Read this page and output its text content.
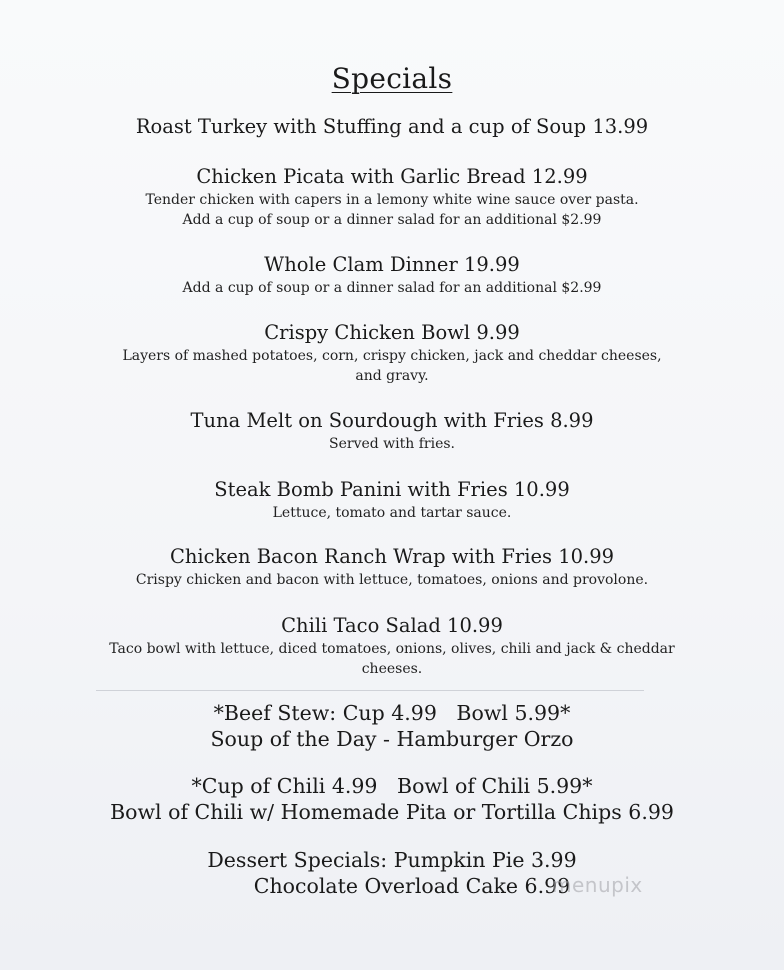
Specials
Roast Turkey with Stuffing and a cup of Soup 13.99
Chicken Picata with Garlic Bread 12.99
Tender chicken with capers in a lemony white wine sauce over pasta.
Add a cup of soup or a dinner salad for an additional $2.99
Whole Clam Dinner 19.99
Add a cup of soup or a dinner salad for an additional $2.99
Crispy Chicken Bowl 9.99
Layers of mashed potatoes, corn, crispy chicken, jack and cheddar cheeses,
and gravy.
Tuna Melt on Sourdough with Fries 8.99
Served with fries.
Steak Bomb Panini with Fries 10.99
Lettuce, tomato and tartar sauce.
Chicken Bacon Ranch Wrap with Fries 10.99
Crispy chicken and bacon with lettuce, tomatoes, onions and provolone.
Chili Taco Salad 10.99
Taco bowl with lettuce, diced tomatoes, onions, olives, chili and jack & cheddar
cheeses.
*Beef Stew: Cup 4.99   Bowl 5.99*
Soup of the Day - Hamburger Orzo
*Cup of Chili 4.99   Bowl of Chili 5.99*
Bowl of Chili w/ Homemade Pita or Tortilla Chips 6.99
Dessert Specials: Pumpkin Pie 3.99
Chocolate Overload Cake 6.99
menupix
